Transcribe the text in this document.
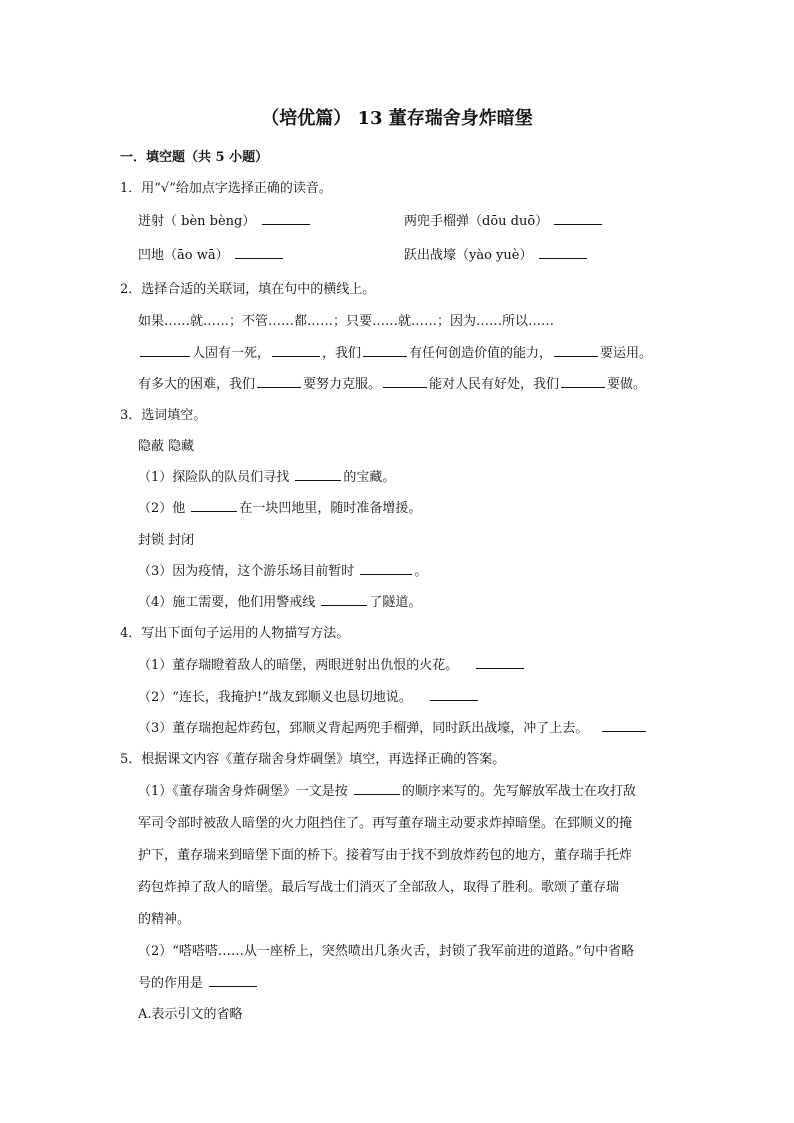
（培优篇） 13 董存瑞舍身炸暗堡
一．填空题（共 5 小题）
1．用“√”给加点字选择正确的读音。
迸射（ bèn bèng）	两兜手榴弹（dōu duō）
凹地（āo wā）	跃出战壕（yào yuè）
2．选择合适的关联词，填在句中的横线上。
如果……就……；不管……都……；只要……就……；因为……所以……
人固有一死，	，我们	有任何创造价值的能力，	要运用。
有多大的困难，我们	要努力克服。	能对人民有好处，我们	要做。
3．选词填空。
隐蔽 隐藏
（1）探险队的队员们寻找	的宝藏。
（2）他	在一块凹地里，随时准备增援。
封锁 封闭
（3）因为疫情，这个游乐场目前暂时	。
（4）施工需要，他们用警戒线	了隧道。
4．写出下面句子运用的人物描写方法。
（1）董存瑞瞪着敌人的暗堡，两眼迸射出仇恨的火花。
（2）“连长，我掩护!”战友郅顺义也恳切地说。
（3）董存瑞抱起炸药包，郅顺义背起两兜手榴弹，同时跃出战壕，冲了上去。
5．根据课文内容《董存瑞舍身炸碉堡》填空，再选择正确的答案。
（1）《董存瑞舍身炸碉堡》一文是按	的顺序来写的。先写解放军战士在攻打敌
军司令部时被敌人暗堡的火力阻挡住了。再写董存瑞主动要求炸掉暗堡。在郅顺义的掩
护下，董存瑞来到暗堡下面的桥下。接着写由于找不到放炸药包的地方，董存瑞手托炸
药包炸掉了敌人的暗堡。最后写战士们消灭了全部敌人，取得了胜利。歌颂了董存瑞
的精神。
（2）“嗒嗒嗒……从一座桥上，突然喷出几条火舌，封锁了我军前进的道路。”句中省略
号的作用是
A.表示引文的省略
